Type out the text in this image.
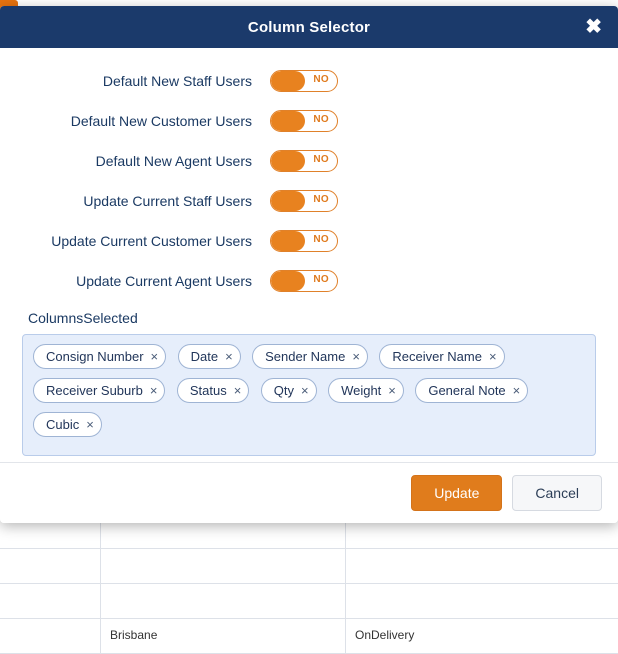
Brisbane	OnDelivery
Column Selector	✖
Default New Staff Users	NO
Default New Customer Users	NO
Default New Agent Users	NO
Update Current Staff Users	NO
Update Current Customer Users	NO
Update Current Agent Users	NO
ColumnsSelected
Consign Number ×
Date ×
Sender Name ×
Receiver Name ×

Receiver Suburb ×
Status ×
Qty ×
Weight ×
General Note ×

Cubic ×
Update	Cancel
